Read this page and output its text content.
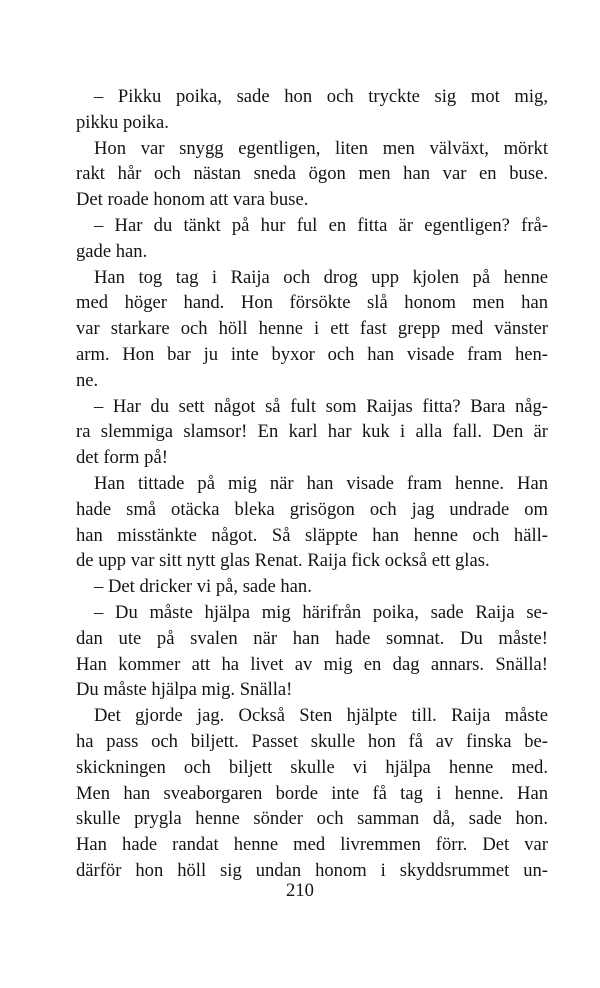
– Pikku poika, sade hon och tryckte sig mot mig,
pikku poika.
Hon var snygg egentligen, liten men välväxt, mörkt
rakt hår och nästan sneda ögon men han var en buse.
Det roade honom att vara buse.
– Har du tänkt på hur ful en fitta är egentligen? frå-
gade han.
Han tog tag i Raija och drog upp kjolen på henne
med höger hand. Hon försökte slå honom men han
var starkare och höll henne i ett fast grepp med vänster
arm. Hon bar ju inte byxor och han visade fram hen-
ne.
– Har du sett något så fult som Raijas fitta? Bara någ-
ra slemmiga slamsor! En karl har kuk i alla fall. Den är
det form på!
Han tittade på mig när han visade fram henne. Han
hade små otäcka bleka grisögon och jag undrade om
han misstänkte något. Så släppte han henne och häll-
de upp var sitt nytt glas Renat. Raija fick också ett glas.
– Det dricker vi på, sade han.
– Du måste hjälpa mig härifrån poika, sade Raija se-
dan ute på svalen när han hade somnat. Du måste!
Han kommer att ha livet av mig en dag annars. Snälla!
Du måste hjälpa mig. Snälla!
Det gjorde jag. Också Sten hjälpte till. Raija måste
ha pass och biljett. Passet skulle hon få av finska be-
skickningen och biljett skulle vi hjälpa henne med.
Men han sveaborgaren borde inte få tag i henne. Han
skulle prygla henne sönder och samman då, sade hon.
Han hade randat henne med livremmen förr. Det var
därför hon höll sig undan honom i skyddsrummet un-
210
